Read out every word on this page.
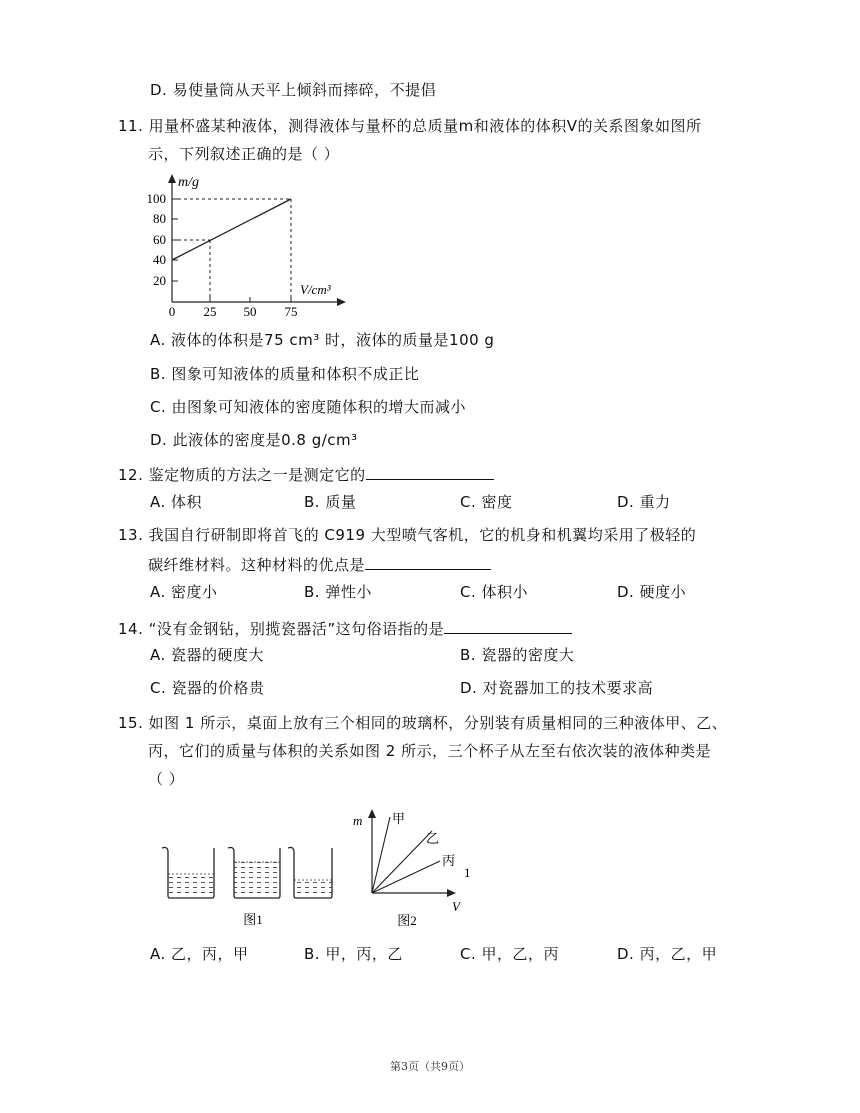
D. 易使量筒从天平上倾斜而摔碎，不提倡
11. 用量杯盛某种液体，测得液体与量杯的总质量m和液体的体积V的关系图象如图所
示，下列叙述正确的是（ ）
m/g
100
80
60
40
20
0 25 50 75
V/cm³
A. 液体的体积是75 cm³ 时，液体的质量是100 g
B. 图象可知液体的质量和体积不成正比
C. 由图象可知液体的密度随体积的增大而减小
D. 此液体的密度是0.8 g/cm³
12. 鉴定物质的方法之一是测定它的
A. 体积	B. 质量	C. 密度	D. 重力
13. 我国自行研制即将首飞的 C919 大型喷气客机，它的机身和机翼均采用了极轻的
碳纤维材料。这种材料的优点是
A. 密度小	B. 弹性小	C. 体积小	D. 硬度小
14. “没有金钢钻，别揽瓷器活”这句俗语指的是
A. 瓷器的硬度大	B. 瓷器的密度大
C. 瓷器的价格贵	D. 对瓷器加工的技术要求高
15. 如图 1 所示，桌面上放有三个相同的玻璃杯，分别装有质量相同的三种液体甲、乙、
丙，它们的质量与体积的关系如图 2 所示，三个杯子从左至右依次装的液体种类是
（ ）
图1
m 甲
乙
丙
1
V
图2
A. 乙，丙，甲	B. 甲，丙，乙	C. 甲，乙，丙	D. 丙，乙，甲
第3页（共9页）
